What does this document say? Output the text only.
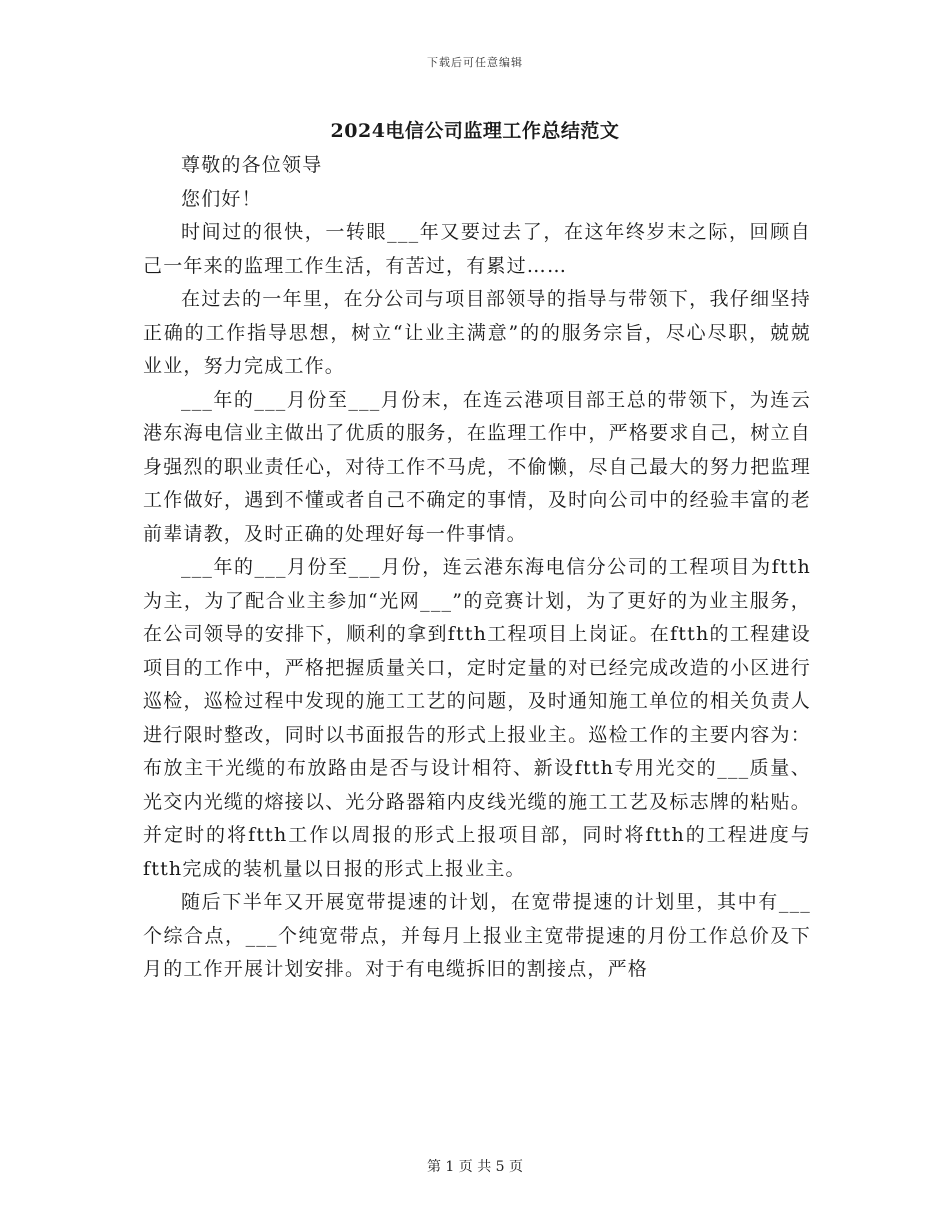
下载后可任意编辑
2024电信公司监理工作总结范文

尊敬的各位领导

您们好！

时间过的很快，一转眼___年又要过去了，在这年终岁末之际，回顾自己一年来的监理工作生活，有苦过，有累过……

在过去的一年里，在分公司与项目部领导的指导与带领下，我仔细坚持正确的工作指导思想，树立“让业主满意”的的服务宗旨，尽心尽职，兢兢业业，努力完成工作。

___年的___月份至___月份末，在连云港项目部王总的带领下，为连云港东海电信业主做出了优质的服务，在监理工作中，严格要求自己，树立自身强烈的职业责任心，对待工作不马虎，不偷懒，尽自己最大的努力把监理工作做好，遇到不懂或者自己不确定的事情，及时向公司中的经验丰富的老前辈请教，及时正确的处理好每一件事情。

___年的___月份至___月份，连云港东海电信分公司的工程项目为ftth为主，为了配合业主参加“光网___”的竞赛计划，为了更好的为业主服务，在公司领导的安排下，顺利的拿到ftth工程项目上岗证。在ftth的工程建设项目的工作中，严格把握质量关口，定时定量的对已经完成改造的小区进行巡检，巡检过程中发现的施工工艺的问题，及时通知施工单位的相关负责人进行限时整改，同时以书面报告的形式上报业主。巡检工作的主要内容为：布放主干光缆的布放路由是否与设计相符、新设ftth专用光交的___质量、光交内光缆的熔接以、光分路器箱内皮线光缆的施工工艺及标志牌的粘贴。并定时的将ftth工作以周报的形式上报项目部，同时将ftth的工程进度与ftth完成的装机量以日报的形式上报业主。

随后下半年又开展宽带提速的计划，在宽带提速的计划里，其中有___个综合点，___个纯宽带点，并每月上报业主宽带提速的月份工作总价及下月的工作开展计划安排。对于有电缆拆旧的割接点，严格

第 1 页 共 5 页
